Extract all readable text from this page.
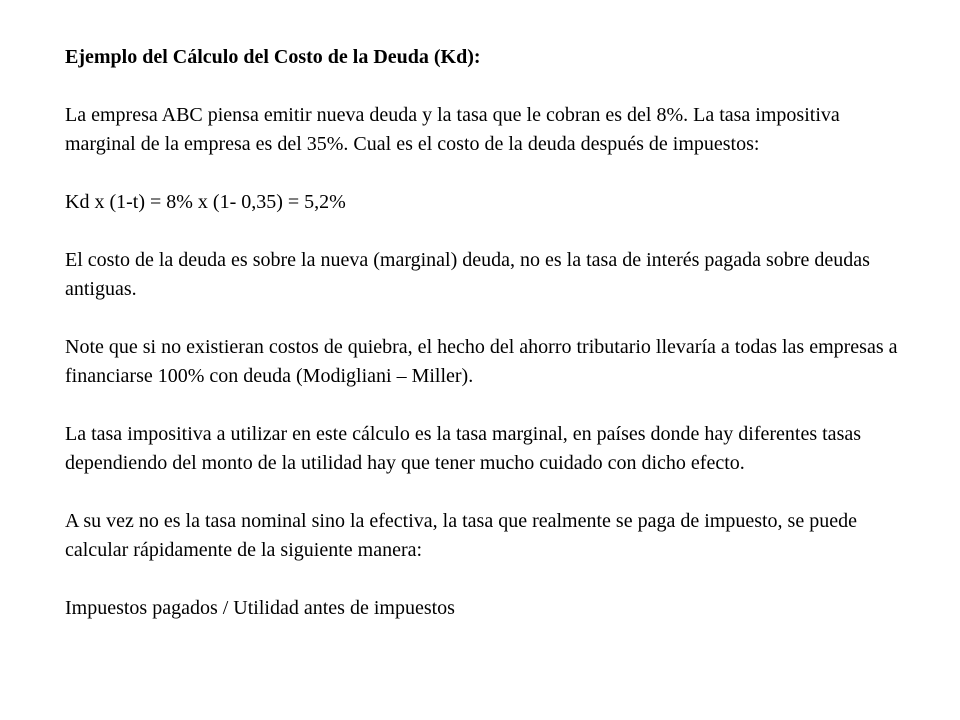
Ejemplo del Cálculo del Costo de la Deuda (Kd):

La empresa ABC piensa emitir nueva deuda y la tasa que le cobran es del 8%. La tasa impositiva marginal de la empresa es del 35%. Cual es el costo de la deuda después de impuestos:

Kd x (1-t) = 8% x (1- 0,35) = 5,2%

El costo de la deuda es sobre la nueva (marginal) deuda, no es la tasa de interés pagada sobre deudas antiguas.

Note que si no existieran costos de quiebra, el hecho del ahorro tributario llevaría a todas las empresas a financiarse 100% con deuda (Modigliani – Miller).

La tasa impositiva a utilizar en este cálculo es la tasa marginal, en países donde hay diferentes tasas dependiendo del monto de la utilidad hay que tener mucho cuidado con dicho efecto.

A su vez no es la tasa nominal sino la efectiva, la tasa que realmente se paga de impuesto, se puede calcular rápidamente de la siguiente manera:

Impuestos pagados / Utilidad antes de impuestos
